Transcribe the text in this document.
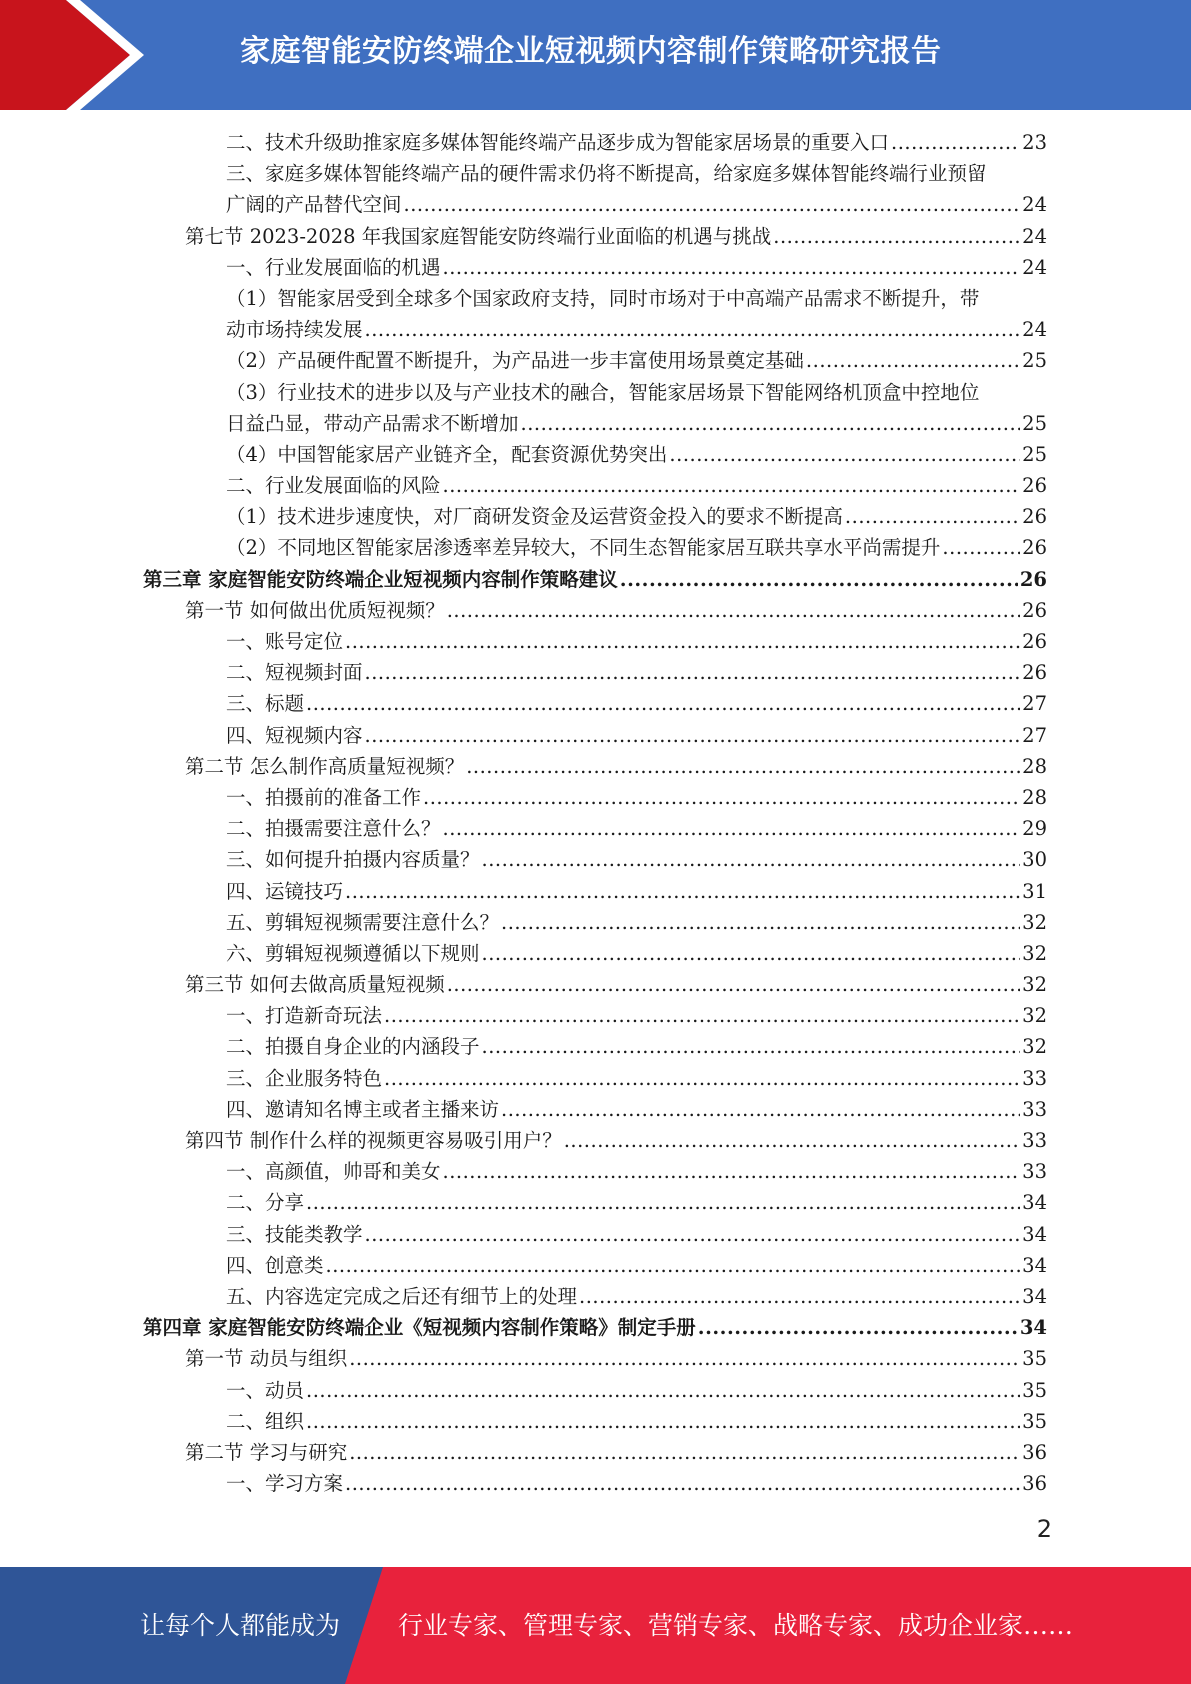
家庭智能安防终端企业短视频内容制作策略研究报告
二、技术升级助推家庭多媒体智能终端产品逐步成为智能家居场景的重要入口 .....	23
三、家庭多媒体智能终端产品的硬件需求仍将不断提高，给家庭多媒体智能终端行业预留
广阔的产品替代空间 .....	24
第七节 2023-2028 年我国家庭智能安防终端行业面临的机遇与挑战 .....	24
一、行业发展面临的机遇 .....	24
（1）智能家居受到全球多个国家政府支持，同时市场对于中高端产品需求不断提升，带
动市场持续发展 .....	24
（2）产品硬件配置不断提升，为产品进一步丰富使用场景奠定基础 .....	25
（3）行业技术的进步以及与产业技术的融合，智能家居场景下智能网络机顶盒中控地位
日益凸显，带动产品需求不断增加 .....	25
（4）中国智能家居产业链齐全，配套资源优势突出 .....	25
二、行业发展面临的风险 .....	26
（1）技术进步速度快，对厂商研发资金及运营资金投入的要求不断提高 .....	26
（2）不同地区智能家居渗透率差异较大，不同生态智能家居互联共享水平尚需提升 .....	26
第三章 家庭智能安防终端企业短视频内容制作策略建议 .....	26
第一节 如何做出优质短视频？ .....	26
一、账号定位 .....	26
二、短视频封面 .....	26
三、标题 .....	27
四、短视频内容 .....	27
第二节 怎么制作高质量短视频？ .....	28
一、拍摄前的准备工作 .....	28
二、拍摄需要注意什么？ .....	29
三、如何提升拍摄内容质量？ .....	30
四、运镜技巧 .....	31
五、剪辑短视频需要注意什么？ .....	32
六、剪辑短视频遵循以下规则 .....	32
第三节 如何去做高质量短视频 .....	32
一、打造新奇玩法 .....	32
二、拍摄自身企业的内涵段子 .....	32
三、企业服务特色 .....	33
四、邀请知名博主或者主播来访 .....	33
第四节 制作什么样的视频更容易吸引用户？ .....	33
一、高颜值，帅哥和美女 .....	33
二、分享 .....	34
三、技能类教学 .....	34
四、创意类 .....	34
五、内容选定完成之后还有细节上的处理 .....	34
第四章 家庭智能安防终端企业《短视频内容制作策略》制定手册 .....	34
第一节 动员与组织 .....	35
一、动员 .....	35
二、组织 .....	35
第二节 学习与研究 .....	36
一、学习方案 .....	36
2
让每个人都能成为 行业专家、管理专家、营销专家、战略专家、成功企业家……
